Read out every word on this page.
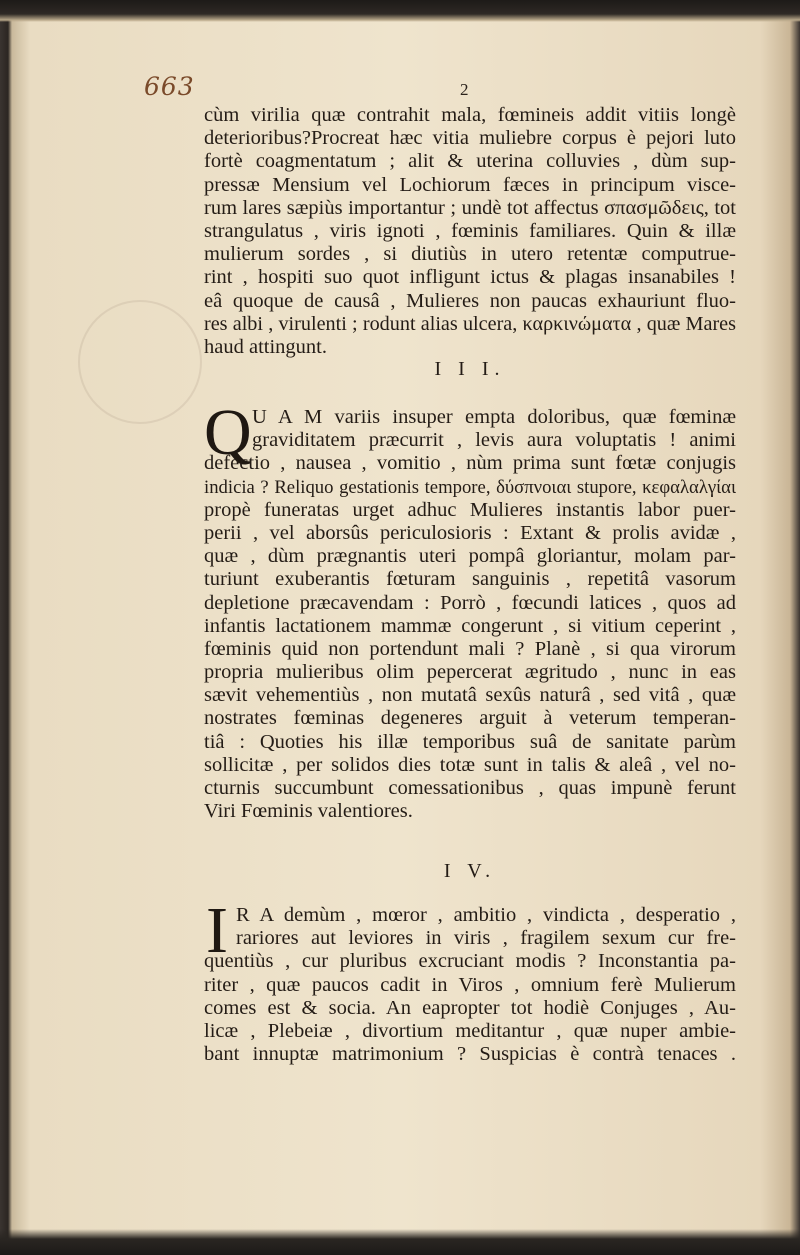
663	2
cùm virilia quæ contrahit mala, fœmineis addit vitiis longè
deterioribus?Procreat hæc vitia muliebre corpus è pejori luto
fortè coagmentatum ; alit & uterina colluvies , dùm sup-
pressæ Mensium vel Lochiorum fæces in principum visce-
rum lares sæpiùs importantur ; undè tot affectus σπασμῶδεις, tot
strangulatus , viris ignoti , fœminis familiares. Quin & illæ
mulierum sordes , si diutiùs in utero retentæ computrue-
rint , hospiti suo quot infligunt ictus & plagas insanabiles !
eâ quoque de causâ , Mulieres non paucas exhauriunt fluo-
res albi , virulenti ; rodunt alias ulcera, καρκινώματα , quæ Mares
haud attingunt.
I I I.
Q U A M variis insuper empta doloribus, quæ fœminæ
graviditatem præcurrit , levis aura voluptatis ! animi
defectio , nausea , vomitio , nùm prima sunt fœtæ conjugis
indicia ? Reliquo gestationis tempore, δύσπνοιαι stupore, κεφαλαλγίαι
propè funeratas urget adhuc Mulieres instantis labor puer-
perii , vel aborsûs periculosioris : Extant & prolis avidæ ,
quæ , dùm prægnantis uteri pompâ gloriantur, molam par-
turiunt exuberantis fœturam sanguinis , repetitâ vasorum
depletione præcavendam : Porrò , fœcundi latices , quos ad
infantis lactationem mammæ congerunt , si vitium ceperint ,
fœminis quid non portendunt mali ? Planè , si qua virorum
propria mulieribus olim pepercerat ægritudo , nunc in eas
sævit vehementiùs , non mutatâ sexûs naturâ , sed vitâ , quæ
nostrates fœminas degeneres arguit à veterum temperan-
tiâ : Quoties his illæ temporibus suâ de sanitate parùm
sollicitæ , per solidos dies totæ sunt in talis & aleâ , vel no-
cturnis succumbunt comessationibus , quas impunè ferunt
Viri Fœminis valentiores.
I V.
I R A demùm , mœror , ambitio , vindicta , desperatio ,
rariores aut leviores in viris , fragilem sexum cur fre-
quentiùs , cur pluribus excruciant modis ? Inconstantia pa-
riter , quæ paucos cadit in Viros , omnium ferè Mulierum
comes est & socia. An eapropter tot hodiè Conjuges , Au-
licæ , Plebeiæ , divortium meditantur , quæ nuper ambie-
bant innuptæ matrimonium ? Suspicias è contrà tenaces .
